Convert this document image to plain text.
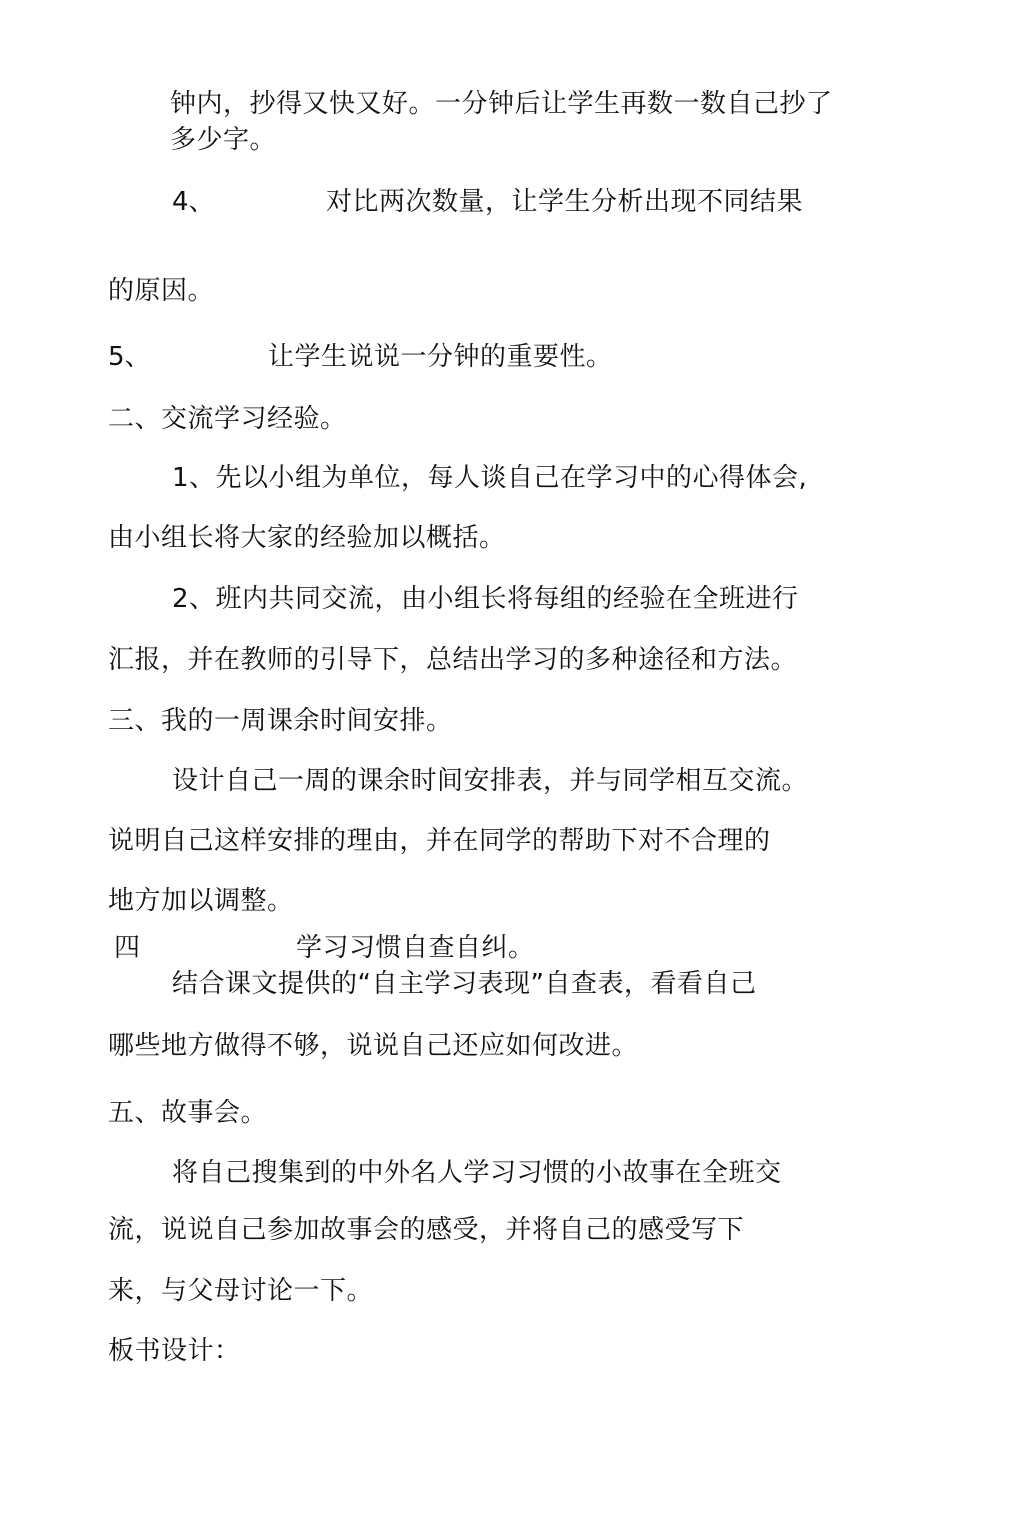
钟内，抄得又快又好。一分钟后让学生再数一数自己抄了
多少字。
4、	对比两次数量，让学生分析出现不同结果
的原因。
5、	让学生说说一分钟的重要性。
二、交流学习经验。
1、先以小组为单位，每人谈自己在学习中的心得体会,
由小组长将大家的经验加以概括。
2、班内共同交流，由小组长将每组的经验在全班进行
汇报，并在教师的引导下，总结出学习的多种途径和方法。
三、我的一周课余时间安排。
设计自己一周的课余时间安排表，并与同学相互交流。
说明自己这样安排的理由，并在同学的帮助下对不合理的
地方加以调整。
四	学习习惯自查自纠。
结合课文提供的“自主学习表现”自查表，看看自己
哪些地方做得不够，说说自己还应如何改进。
五、故事会。
将自己搜集到的中外名人学习习惯的小故事在全班交
流，说说自己参加故事会的感受，并将自己的感受写下
来，与父母讨论一下。
板书设计：
